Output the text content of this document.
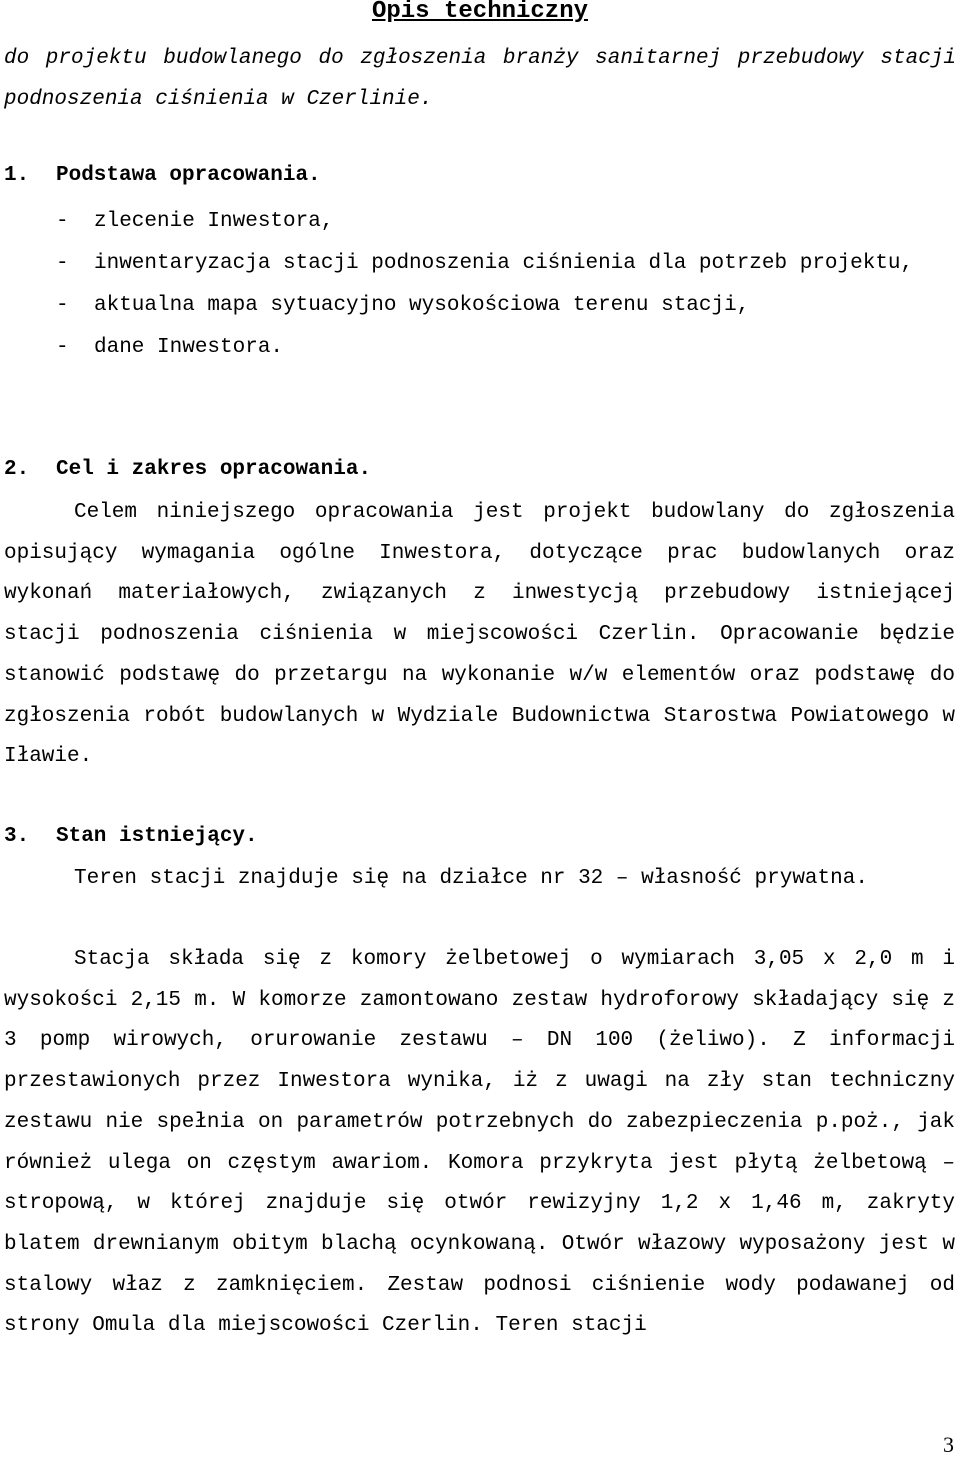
Opis techniczny
do projektu budowlanego do zgłoszenia branży sanitarnej przebudowy stacji podnoszenia ciśnienia w Czerlinie.
1. Podstawa opracowania.
- zlecenie Inwestora,
- inwentaryzacja stacji podnoszenia ciśnienia dla potrzeb projektu,
- aktualna mapa sytuacyjno wysokościowa terenu stacji,
- dane Inwestora.
2. Cel i zakres opracowania.

Celem niniejszego opracowania jest projekt budowlany do zgłoszenia opisujący wymagania ogólne Inwestora, dotyczące prac budowlanych oraz wykonań materiałowych, związanych z inwestycją przebudowy istniejącej stacji podnoszenia ciśnienia w miejscowości Czerlin. Opracowanie będzie stanowić podstawę do przetargu na wykonanie w/w elementów oraz podstawę do zgłoszenia robót budowlanych w Wydziale Budownictwa Starostwa Powiatowego w Iławie.

3. Stan istniejący.

Teren stacji znajduje się na działce nr 32 – własność prywatna.

Stacja składa się z komory żelbetowej o wymiarach 3,05 x 2,0 m i wysokości 2,15 m. W komorze zamontowano zestaw hydroforowy składający się z 3 pomp wirowych, orurowanie zestawu – DN 100 (żeliwo). Z informacji przestawionych przez Inwestora wynika, iż z uwagi na zły stan techniczny zestawu nie spełnia on parametrów potrzebnych do zabezpieczenia p.poż., jak również ulega on częstym awariom. Komora przykryta jest płytą żelbetową – stropową, w której znajduje się otwór rewizyjny 1,2 x 1,46 m, zakryty blatem drewnianym obitym blachą ocynkowaną. Otwór włazowy wyposażony jest w stalowy właz z zamknięciem. Zestaw podnosi ciśnienie wody podawanej od strony Omula dla miejscowości Czerlin. Teren stacji

3
